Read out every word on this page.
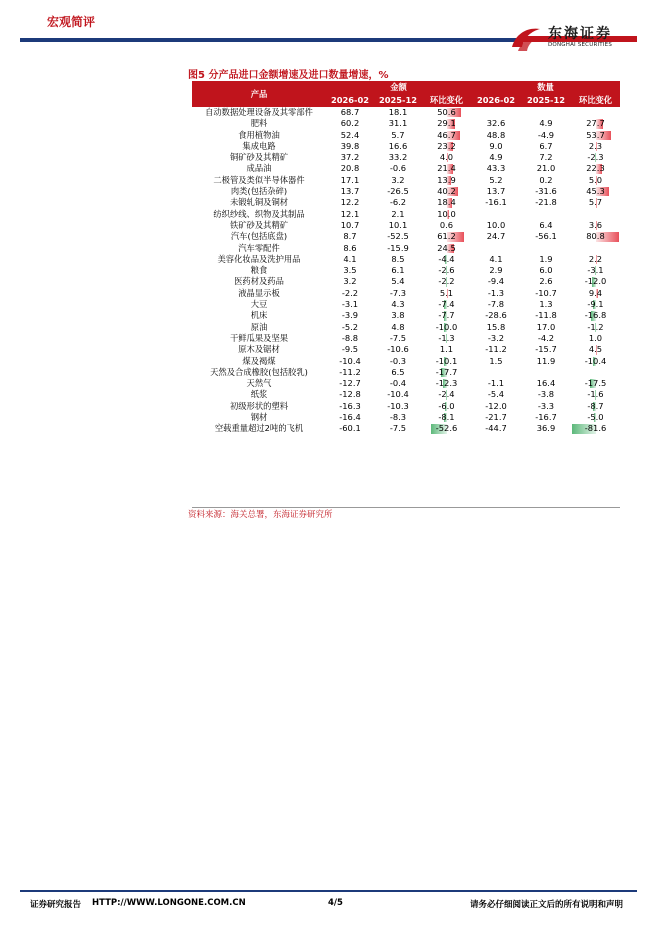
宏观简评
东海证券
DONGHAI SECURITIES
图5 分产品进口金额增速及进口数量增速，%
产品	金额			数量		
	2026-02	2025-12	环比变化	2026-02	2025-12	环比变化
自动数据处理设备及其零部件	68.7	18.1	50.6			
肥料	60.2	31.1	29.1	32.6	4.9	27.7
食用植物油	52.4	5.7	46.7	48.8	-4.9	53.7
集成电路	39.8	16.6	23.2	9.0	6.7	2.3
铜矿砂及其精矿	37.2	33.2	4.0	4.9	7.2	-2.3
成品油	20.8	-0.6	21.4	43.3	21.0	22.3
二极管及类似半导体器件	17.1	3.2	13.9	5.2	0.2	5.0
肉类(包括杂碎)	13.7	-26.5	40.2	13.7	-31.6	45.3
未锻轧铜及铜材	12.2	-6.2	18.4	-16.1	-21.8	5.7
纺织纱线、织物及其制品	12.1	2.1	10.0			
铁矿砂及其精矿	10.7	10.1	0.6	10.0	6.4	3.6
汽车(包括底盘)	8.7	-52.5	61.2	24.7	-56.1	80.8
汽车零配件	8.6	-15.9	24.5			
美容化妆品及洗护用品	4.1	8.5	-4.4	4.1	1.9	2.2
粮食	3.5	6.1	-2.6	2.9	6.0	-3.1
医药材及药品	3.2	5.4	-2.2	-9.4	2.6	-12.0
液晶显示板	-2.2	-7.3	5.1	-1.3	-10.7	9.4
大豆	-3.1	4.3	-7.4	-7.8	1.3	-9.1
机床	-3.9	3.8	-7.7	-28.6	-11.8	-16.8
原油	-5.2	4.8	-10.0	15.8	17.0	-1.2
干鲜瓜果及坚果	-8.8	-7.5	-1.3	-3.2	-4.2	1.0
原木及锯材	-9.5	-10.6	1.1	-11.2	-15.7	4.5
煤及褐煤	-10.4	-0.3	-10.1	1.5	11.9	-10.4
天然及合成橡胶(包括胶乳)	-11.2	6.5	-17.7			
天然气	-12.7	-0.4	-12.3	-1.1	16.4	-17.5
纸浆	-12.8	-10.4	-2.4	-5.4	-3.8	-1.6
初级形状的塑料	-16.3	-10.3	-6.0	-12.0	-3.3	-8.7
钢材	-16.4	-8.3	-8.1	-21.7	-16.7	-5.0
空载重量超过2吨的飞机	-60.1	-7.5	-52.6	-44.7	36.9	-81.6
资料来源：海关总署，东海证券研究所
证券研究报告 HTTP://WWW.LONGONE.COM.CN	4/5	请务必仔细阅读正文后的所有说明和声明
